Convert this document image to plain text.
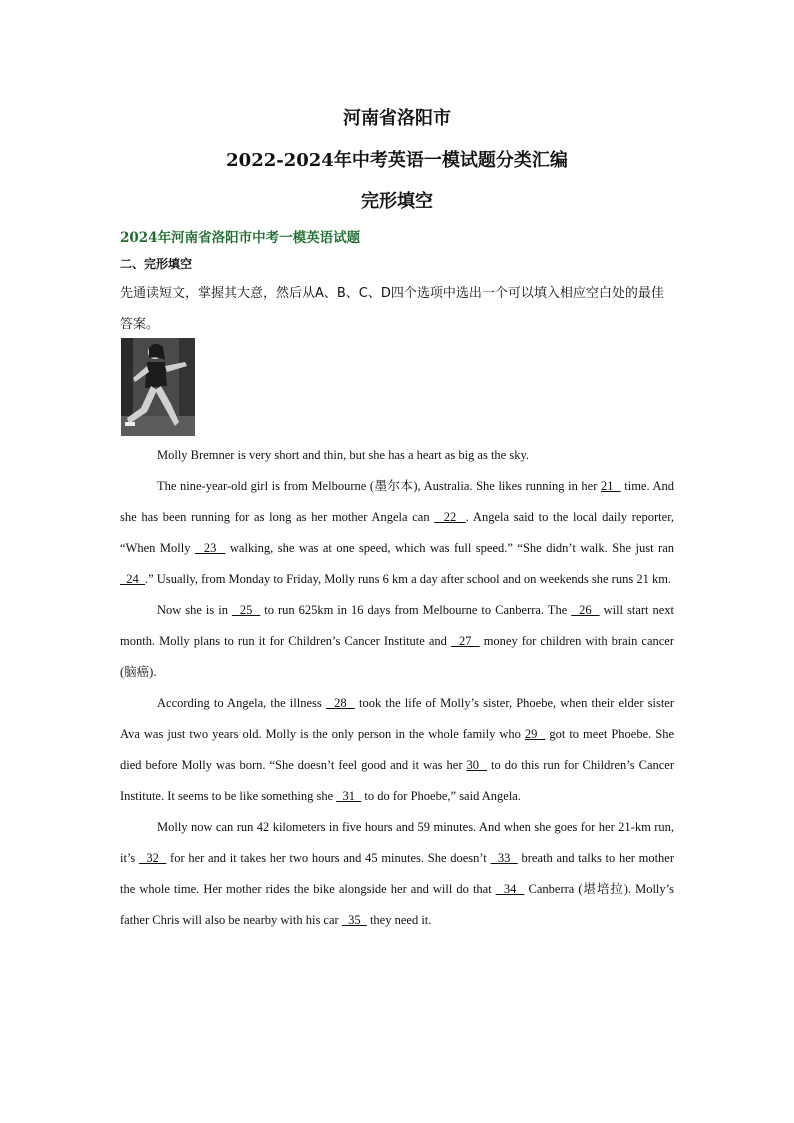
河南省洛阳市
2022-2024年中考英语一模试题分类汇编
完形填空
2024年河南省洛阳市中考一模英语试题
二、完形填空
先通读短文，掌握其大意，然后从A、B、C、D四个选项中选出一个可以填入相应空白处的最佳答案。

Molly Bremner is very short and thin, but she has a heart as big as the sky.

The nine-year-old girl is from Melbourne (墨尔本), Australia. She likes running in her 21   time. And she has been running for as long as her mother Angela can   22  . Angela said to the local daily reporter, “When Molly   23   walking, she was at one speed, which was full speed.” “She didn’t walk. She just ran   24  .” Usually, from Monday to Friday, Molly runs 6 km a day after school and on weekends she runs 21 km.

Now she is in   25   to run 625km in 16 days from Melbourne to Canberra. The   26   will start next month. Molly plans to run it for Children’s Cancer Institute and   27   money for children with brain cancer (脑癌).

According to Angela, the illness   28   took the life of Molly’s sister, Phoebe, when their elder sister Ava was just two years old. Molly is the only person in the whole family who 29   got to meet Phoebe. She died before Molly was born. “She doesn’t feel good and it was her 30   to do this run for Children’s Cancer Institute. It seems to be like something she   31   to do for Phoebe,” said Angela.

Molly now can run 42 kilometers in five hours and 59 minutes. And when she goes for her 21-km run, it’s   32   for her and it takes her two hours and 45 minutes. She doesn’t   33   breath and talks to her mother the whole time. Her mother rides the bike alongside her and will do that   34   Canberra (堪培拉). Molly’s father Chris will also be nearby with his car   35   they need it.
